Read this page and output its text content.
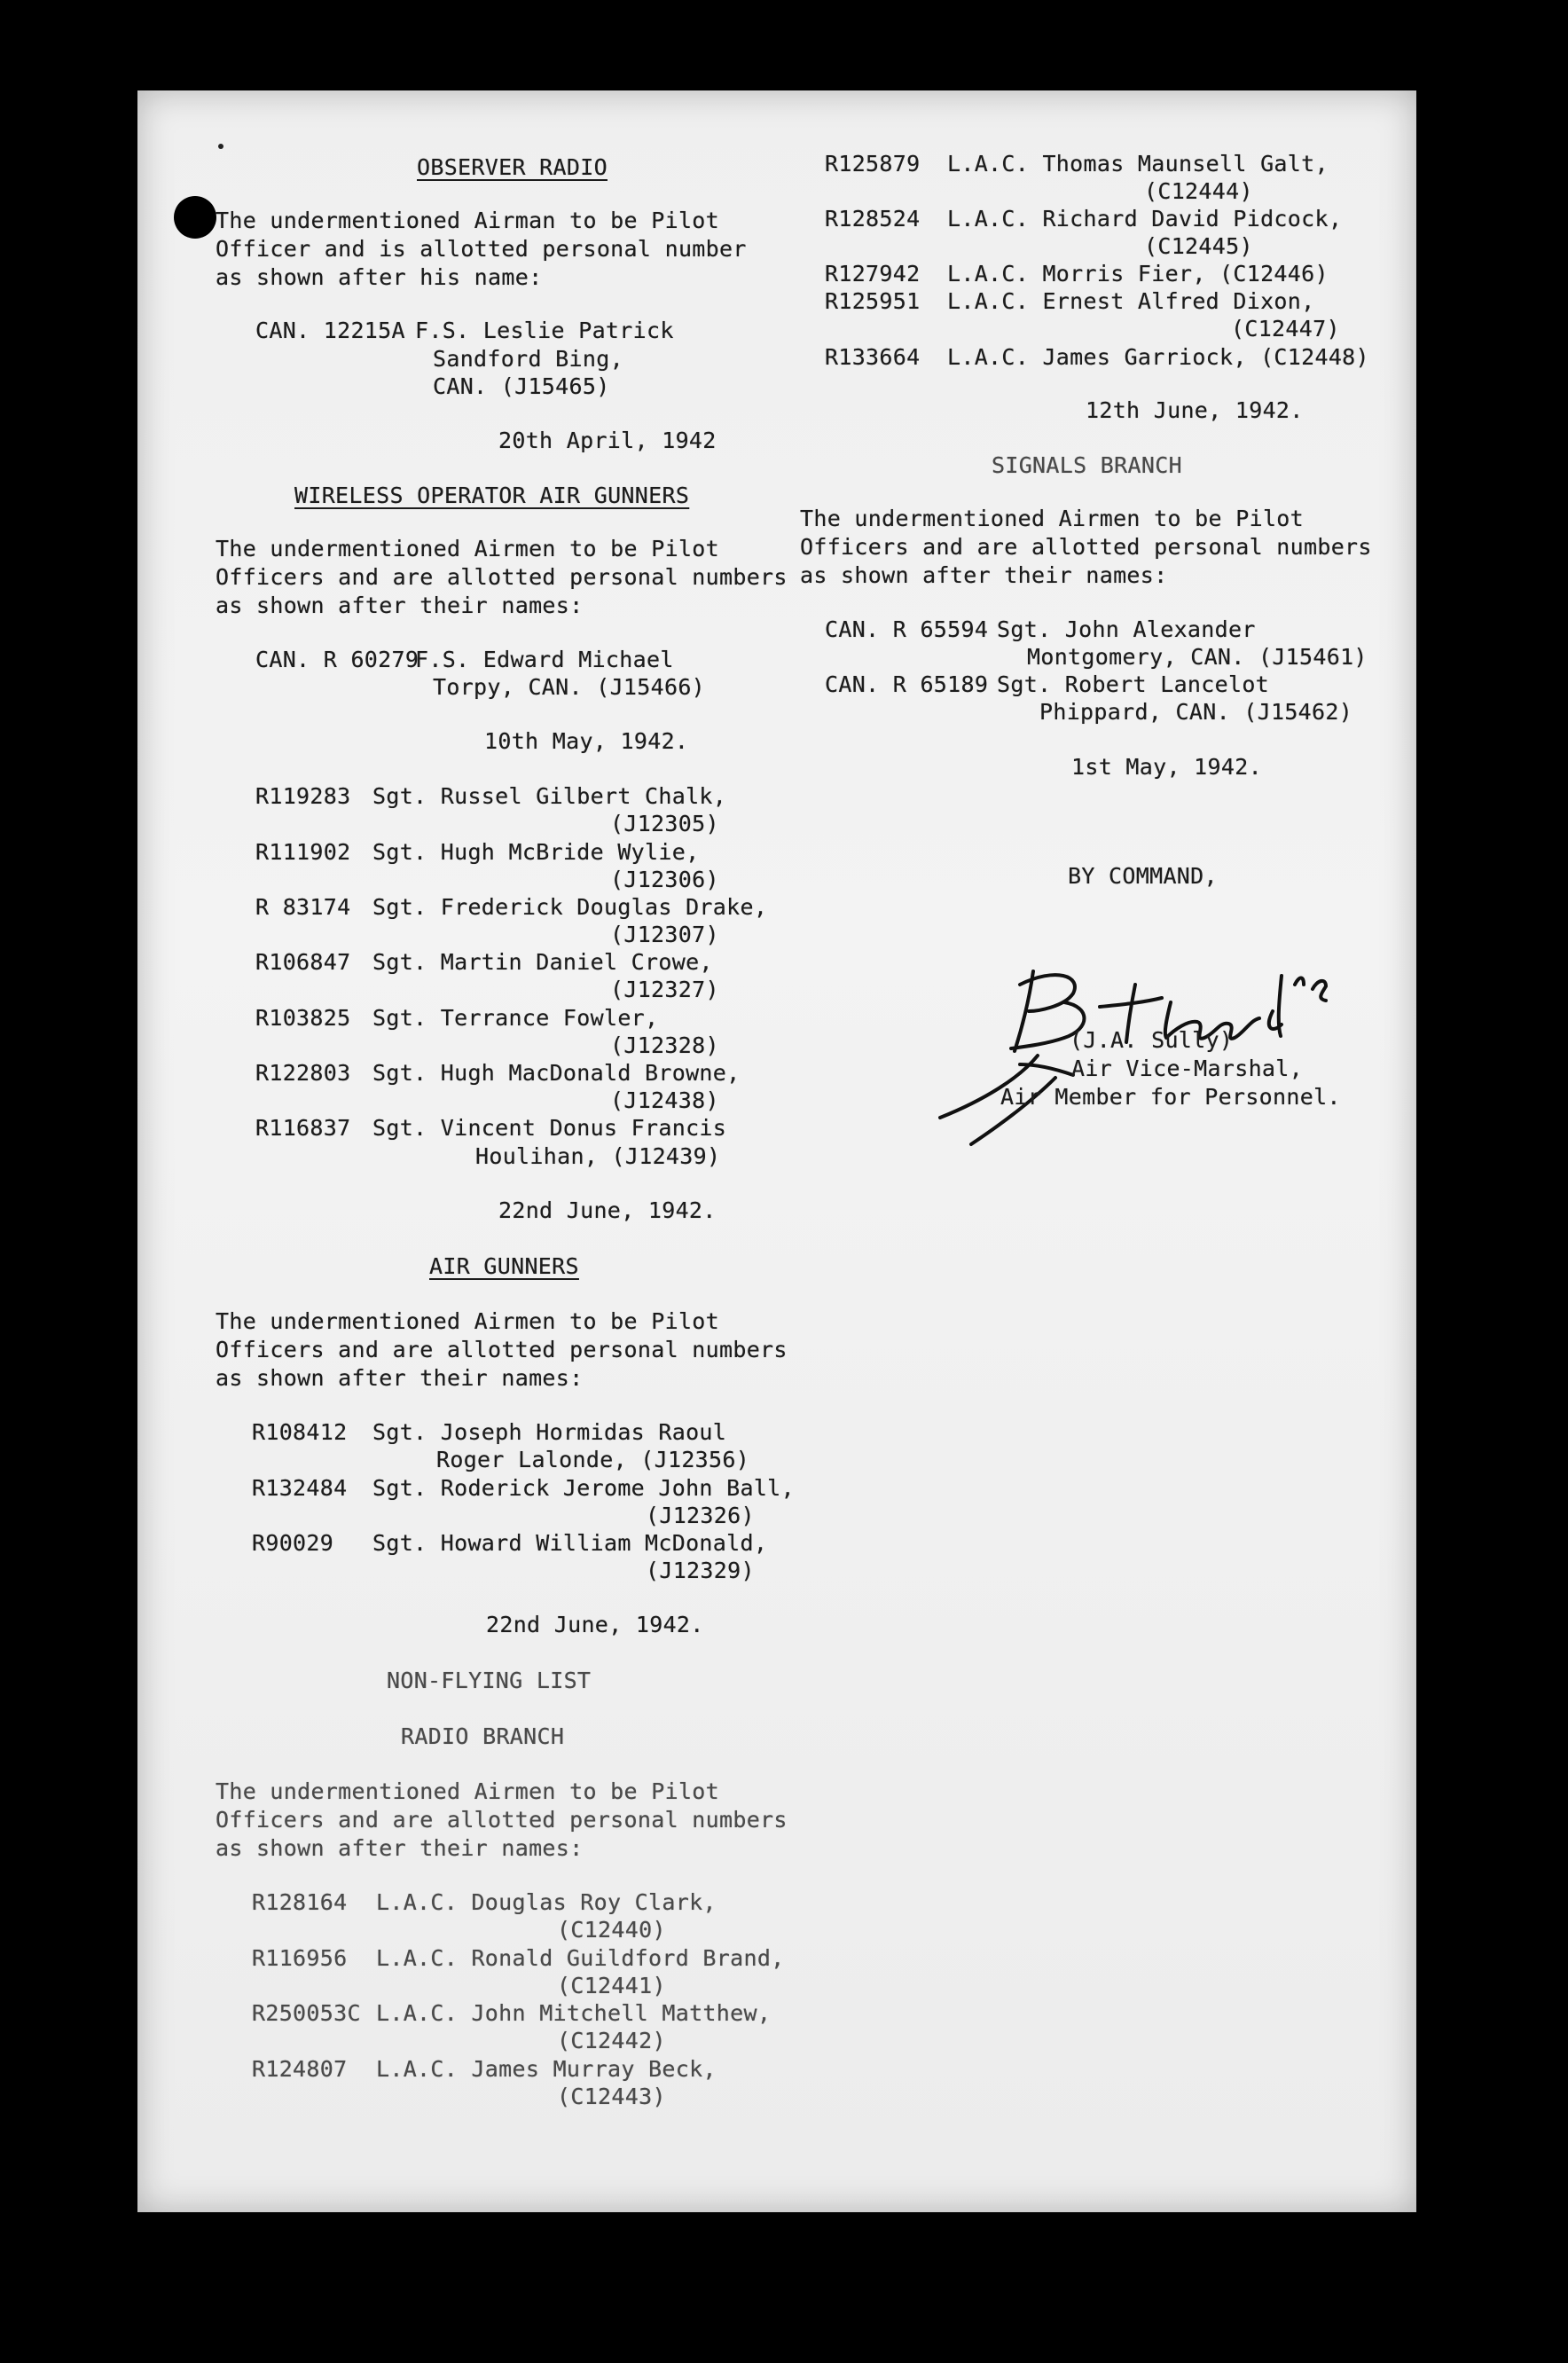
OBSERVER RADIO
The undermentioned Airman to be Pilot
Officer and is allotted personal number
as shown after his name:
CAN. 12215A F.S. Leslie Patrick
Sandford Bing,
CAN. (J15465)
20th April, 1942
WIRELESS OPERATOR AIR GUNNERS
The undermentioned Airmen to be Pilot
Officers and are allotted personal numbers
as shown after their names:
CAN. R 60279
F.S. Edward Michael
Torpy, CAN. (J15466)
10th May, 1942.
R119283 Sgt. Russel Gilbert Chalk,
(J12305)
R111902 Sgt. Hugh McBride Wylie,
(J12306)
R 83174 Sgt. Frederick Douglas Drake,
(J12307)
R106847 Sgt. Martin Daniel Crowe,
(J12327)
R103825 Sgt. Terrance Fowler,
(J12328)
R122803 Sgt. Hugh MacDonald Browne,
(J12438)
R116837 Sgt. Vincent Donus Francis
Houlihan, (J12439)
22nd June, 1942.
AIR GUNNERS
The undermentioned Airmen to be Pilot
Officers and are allotted personal numbers
as shown after their names:
R108412 Sgt. Joseph Hormidas Raoul
Roger Lalonde, (J12356)
R132484 Sgt. Roderick Jerome John Ball,
(J12326)
R90029 Sgt. Howard William McDonald,
(J12329)
22nd June, 1942.
NON-FLYING LIST
RADIO BRANCH
The undermentioned Airmen to be Pilot
Officers and are allotted personal numbers
as shown after their names:
R128164 L.A.C. Douglas Roy Clark,
(C12440)
R116956 L.A.C. Ronald Guildford Brand,
(C12441)
R250053C L.A.C. John Mitchell Matthew,
(C12442)
R124807 L.A.C. James Murray Beck,
(C12443)
R125879 L.A.C. Thomas Maunsell Galt,
(C12444)
R128524 L.A.C. Richard David Pidcock,
(C12445)
R127942 L.A.C. Morris Fier, (C12446)
R125951 L.A.C. Ernest Alfred Dixon,
(C12447)
R133664 L.A.C. James Garriock, (C12448)
12th June, 1942.
SIGNALS BRANCH
The undermentioned Airmen to be Pilot
Officers and are allotted personal numbers
as shown after their names:
CAN. R 65594 Sgt. John Alexander
Montgomery, CAN. (J15461)
CAN. R 65189 Sgt. Robert Lancelot
Phippard, CAN. (J15462)
1st May, 1942.
BY COMMAND,
(J.A. Sully)
Air Vice-Marshal,
Air Member for Personnel.
